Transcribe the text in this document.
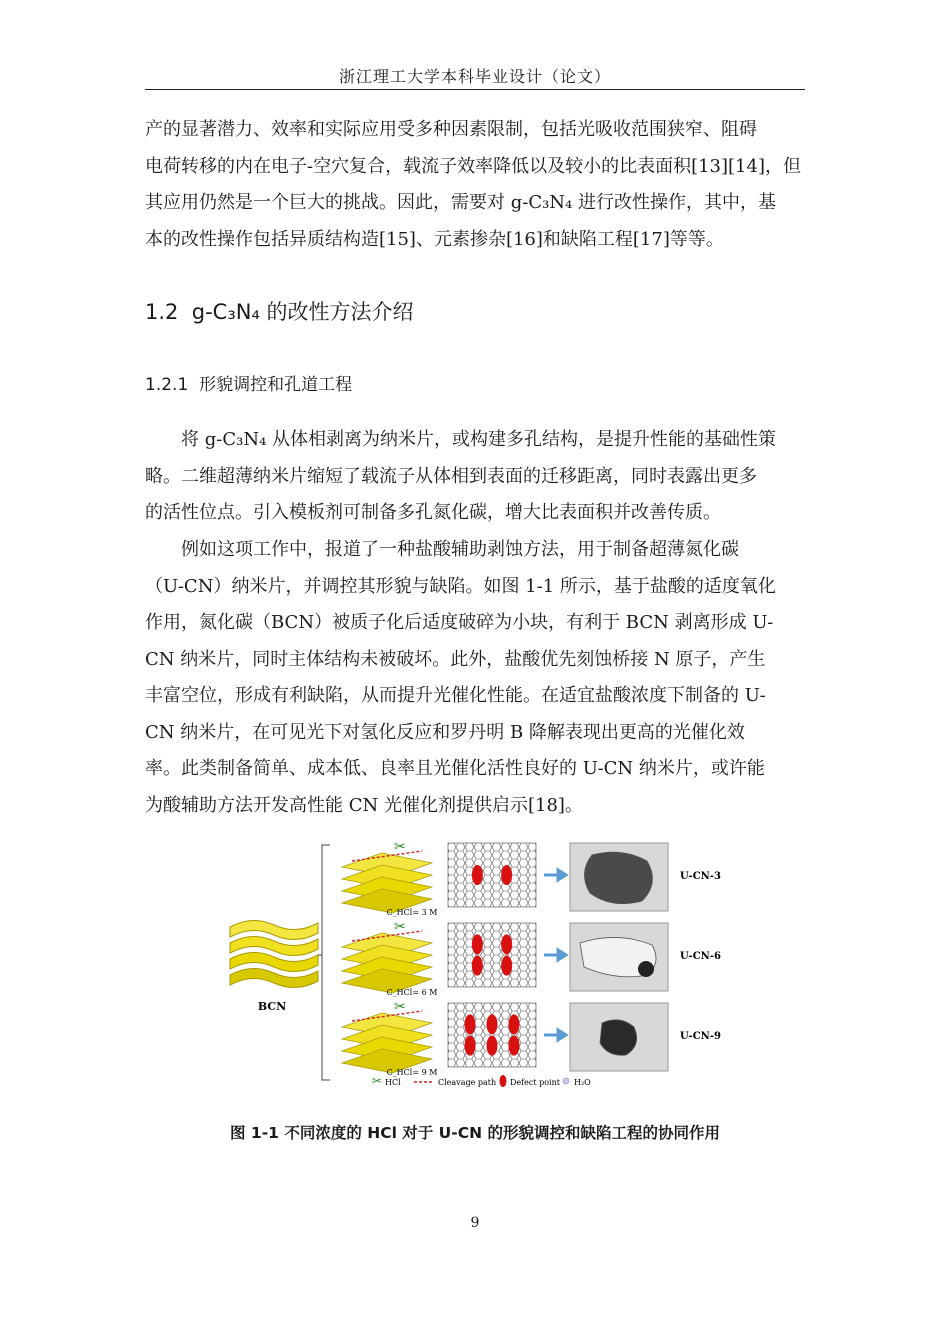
浙江理工大学本科毕业设计（论文）
产的显著潜力、效率和实际应用受多种因素限制，包括光吸收范围狭窄、阻碍
电荷转移的内在电子-空穴复合，载流子效率降低以及较小的比表面积[13][14]，但
其应用仍然是一个巨大的挑战。因此，需要对 g-C₃N₄ 进行改性操作，其中，基
本的改性操作包括异质结构造[15]、元素掺杂[16]和缺陷工程[17]等等。
1.2 g-C₃N₄ 的改性方法介绍
1.2.1 形貌调控和孔道工程
将 g-C₃N₄ 从体相剥离为纳米片，或构建多孔结构，是提升性能的基础性策
略。二维超薄纳米片缩短了载流子从体相到表面的迁移距离，同时表露出更多
的活性位点。引入模板剂可制备多孔氮化碳，增大比表面积并改善传质。
例如这项工作中，报道了一种盐酸辅助剥蚀方法，用于制备超薄氮化碳
（U-CN）纳米片，并调控其形貌与缺陷。如图 1-1 所示，基于盐酸的适度氧化
作用，氮化碳（BCN）被质子化后适度破碎为小块，有利于 BCN 剥离形成 U-
CN 纳米片，同时主体结构未被破坏。此外，盐酸优先刻蚀桥接 N 原子，产生
丰富空位，形成有利缺陷，从而提升光催化性能。在适宜盐酸浓度下制备的 U-
CN 纳米片，在可见光下对氢化反应和罗丹明 B 降解表现出更高的光催化效
率。此类制备简单、成本低、良率且光催化活性良好的 U-CN 纳米片，或许能
为酸辅助方法开发高性能 CN 光催化剂提供启示[18]。
BCN
✂
C_HCl= 3 M
U-CN-3
✂
C_HCl= 6 M
U-CN-6
✂
C_HCl= 9 M
U-CN-9
✂ HCl	Cleavage path Defect point H₂O
图 1-1 不同浓度的 HCl 对于 U-CN 的形貌调控和缺陷工程的协同作用
9
